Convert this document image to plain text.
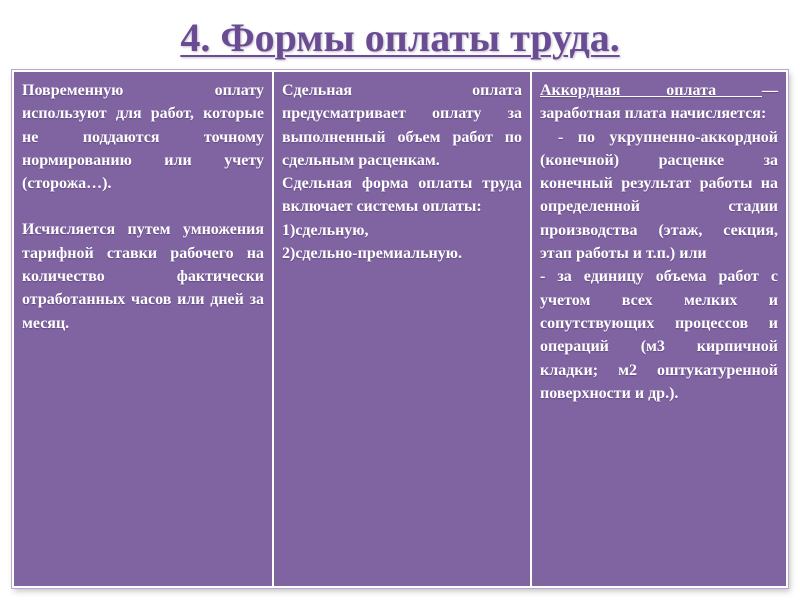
4. Формы оплаты труда.

Повременную оплату используют для работ, которые не поддаются точному нормированию или учету (сторожа…).

Исчисляется путем умножения тарифной ставки рабочего на количество фактически отработанных часов или дней за месяц.

Сдельная оплата предусматривает оплату за выполненный объем работ по сдельным расценкам.

Сдельная форма оплаты труда включает системы оплаты:

1)сдельную,

2)сдельно-премиальную.

Аккордная оплата — заработная плата начисляется:

- по укрупненно-аккордной (конечной) расценке за конечный результат работы на определенной стадии производства (этаж, секция, этап работы и т.п.) или

- за единицу объема работ с учетом всех мелких и сопутствующих процессов и операций (м3 кирпичной кладки; м2 оштукатуренной поверхности и др.).
